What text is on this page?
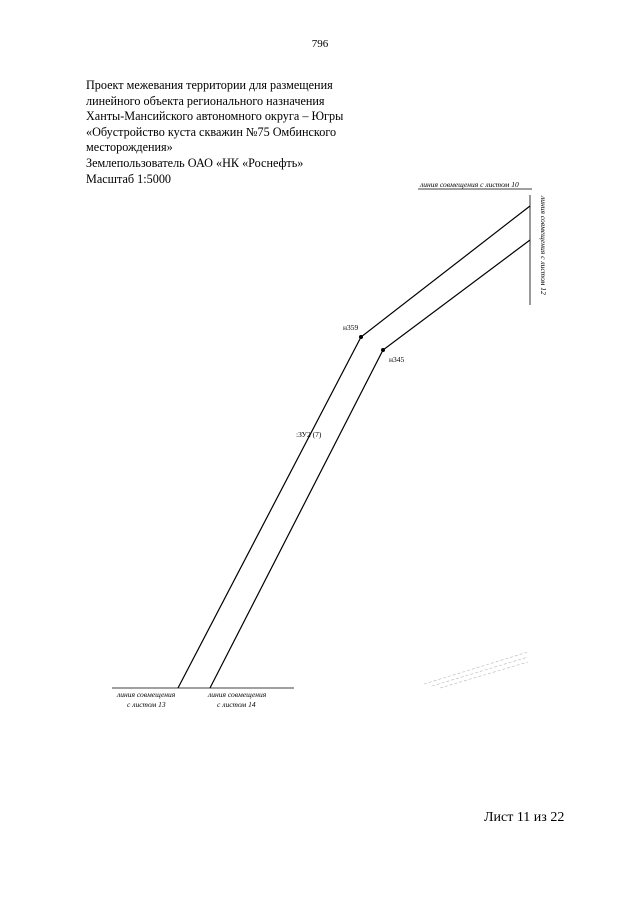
796
Проект межевания территории для размещения
линейного объекта регионального назначения
Ханты-Мансийского автономного округа – Югры
«Обустройство куста скважин №75 Омбинского
месторождения»
Землепользователь ОАО «НК «Роснефть»
Масштаб 1:5000	линия совмещения с листом 10
линия совмещения с листом 12
н359
н345
:ЗУ2 (7)
линия совмещения
с листом 13
линия совмещения
с листом 14
Лист 11 из 22
